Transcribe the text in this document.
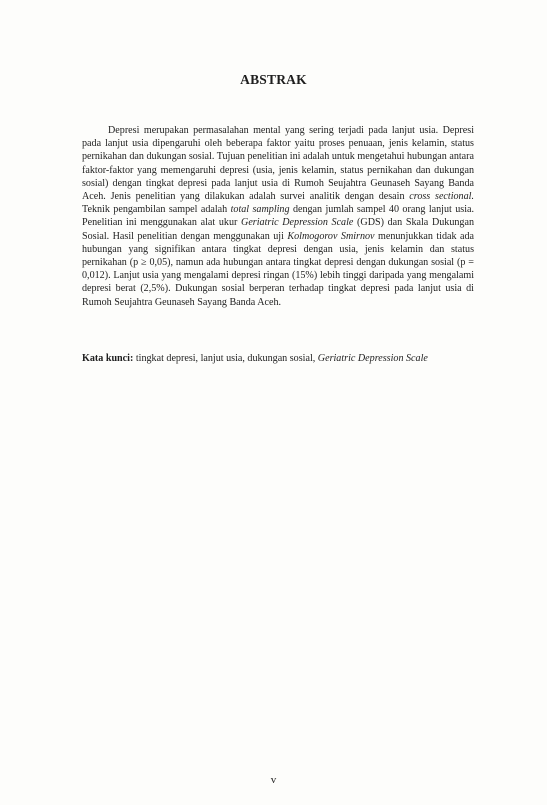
ABSTRAK

Depresi merupakan permasalahan mental yang sering terjadi pada lanjut usia. Depresi pada lanjut usia dipengaruhi oleh beberapa faktor yaitu proses penuaan, jenis kelamin, status pernikahan dan dukungan sosial. Tujuan penelitian ini adalah untuk mengetahui hubungan antara faktor-faktor yang memengaruhi depresi (usia, jenis kelamin, status pernikahan dan dukungan sosial) dengan tingkat depresi pada lanjut usia di Rumoh Seujahtra Geunaseh Sayang Banda Aceh. Jenis penelitian yang dilakukan adalah survei analitik dengan desain cross sectional. Teknik pengambilan sampel adalah total sampling dengan jumlah sampel 40 orang lanjut usia. Penelitian ini menggunakan alat ukur Geriatric Depression Scale (GDS) dan Skala Dukungan Sosial. Hasil penelitian dengan menggunakan uji Kolmogorov Smirnov menunjukkan tidak ada hubungan yang signifikan antara tingkat depresi dengan usia, jenis kelamin dan status pernikahan (p ≥ 0,05), namun ada hubungan antara tingkat depresi dengan dukungan sosial (p = 0,012). Lanjut usia yang mengalami depresi ringan (15%) lebih tinggi daripada yang mengalami depresi berat (2,5%). Dukungan sosial berperan terhadap tingkat depresi pada lanjut usia di Rumoh Seujahtra Geunaseh Sayang Banda Aceh.

Kata kunci: tingkat depresi, lanjut usia, dukungan sosial, Geriatric Depression Scale

v
